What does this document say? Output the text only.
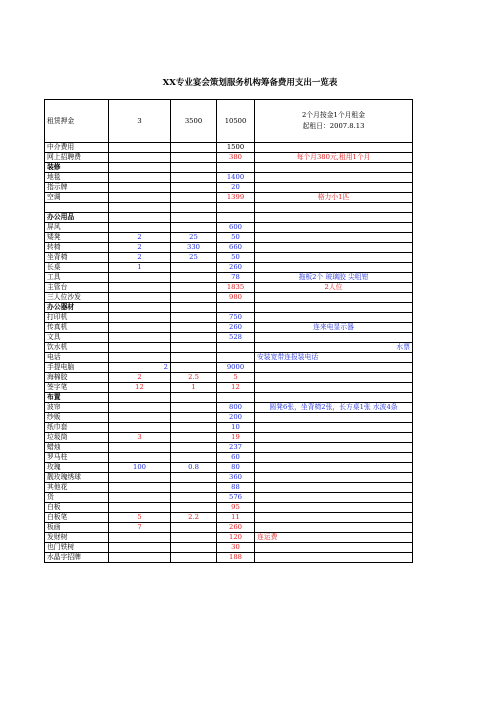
XX专业宴会策划服务机构筹备费用支出一览表
租赁押金	3	3500	10500	2个月按金1个月租金
起租日：2007.8.13

中介费用			1500	
网上招聘费			380	每个月380元,租用1个月
装修				
地毯			1400	
指示牌			20	
空调			1399	格力小1匹

办公用品				
屏风			600	
矮凳	2	25	50	
转椅	2	330	660	
坐背椅	2	25	50	
长桌	1		260	
工具			78	拖板2个 玻璃胶 尖咀钳
主管台			1835	2人位
三人位沙发			980	
办公器材				
打印机			750	
传真机			260	连来电显示器
文具			528	
饮水机				水票
电话				安装宽带连报装电话
手提电脑	2		9000	
海棉胶	2	2.5	5	
签字笔	12	1	12	
布置				
波帘			800	圆凳6张，坐背椅2张，长方桌1张 水波4条
纱贩			200	
纸巾套			10	
垃圾筒	3		19	
蜡烛			237	
罗马柱			60	
玫瑰	100	0.8	80	
靓玫瑰绣球			360	
其他花			88	
货			576	
白板			95	
白板笔	5	2.2	11	
板画	7		260	
发财树			120	连运费
也门铁树			30	
水晶字招牌			188	
